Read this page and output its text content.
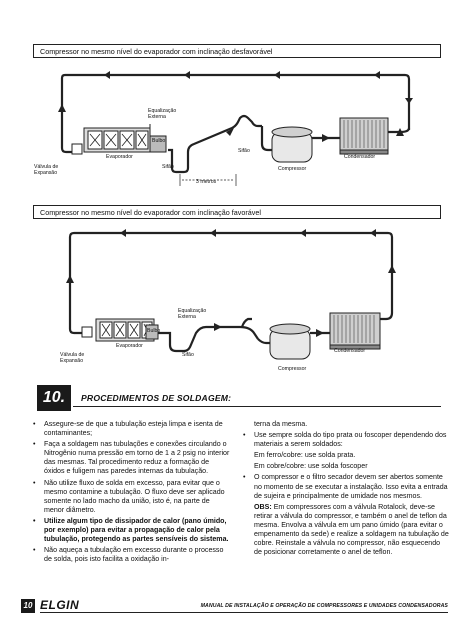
Compressor no mesmo nível do evaporador com inclinação desfavorável
Equalização
Externa
Bulbo
Evaporador
Válvula de
Expansão
Sifão
Sifão
3 metros
Compressor
Condensador
Compressor no mesmo nível do evaporador com inclinação favorável
Equalização
Externa
Bulbo
Evaporador
Válvula de
Expansão
Sifão
Compressor
Condensador
10.	PROCEDIMENTOS DE SOLDAGEM:
• Assegure-se de que a tubulação esteja limpa e isenta de contaminantes;
• Faça a soldagem nas tubulações e conexões circulando o Nitrogênio numa pressão em torno de 1 a 2 psig no interior das mesmas. Tal procedimento reduz a formação de óxidos e fuligem nas paredes internas da tubulação.
• Não utilize fluxo de solda em excesso, para evitar que o mesmo contamine a tubulação. O fluxo deve ser aplicado somente no lado macho da união, isto é, na parte de menor diâmetro.
• Utilize algum tipo de dissipador de calor (pano úmido, por exemplo) para evitar a propagação de calor pela tubulação, protegendo as partes sensíveis do sistema.
• Não aqueça a tubulação em excesso durante o processo de solda, pois isto facilita a oxidação in-
terna da mesma.
• Use sempre solda do tipo prata ou foscoper dependendo dos materiais a serem soldados:
Em ferro/cobre: use solda prata.
Em cobre/cobre: use solda foscoper
• O compressor e o filtro secador devem ser abertos somente no momento de se executar a instalação. Isso evita a entrada de sujeira e principalmente de umidade nos mesmos.
OBS: Em compressores com a válvula Rotalock, deve-se retirar a válvula do compressor, e também o anel de teflon da mesma. Envolva a válvula em um pano úmido (para evitar o empenamento da sede) e realize a soldagem na tubulação de cobre. Reinstale a válvula no compressor, não esquecendo de posicionar corretamente o anel de teflon.
10 ELGIN	MANUAL DE INSTALAÇÃO E OPERAÇÃO DE COMPRESSORES E UNIDADES CONDENSADORAS
